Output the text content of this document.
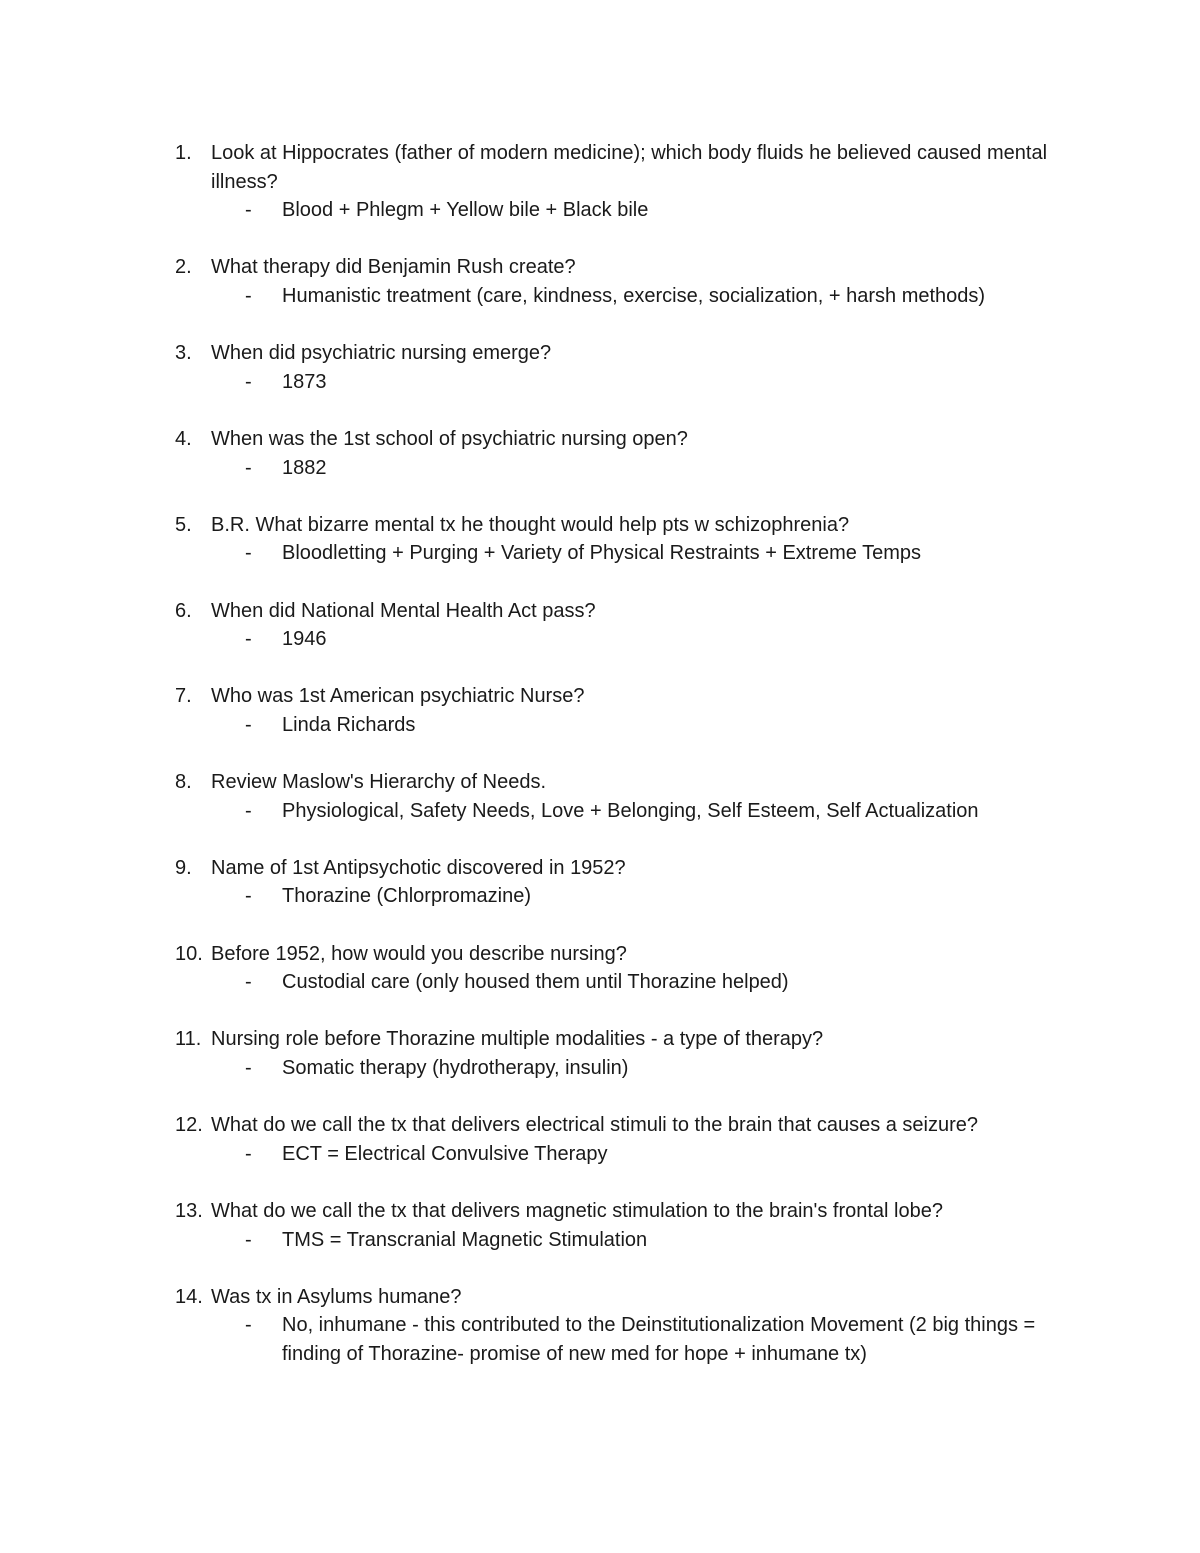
1. Look at Hippocrates (father of modern medicine); which body fluids he believed caused mental illness?
- Blood + Phlegm + Yellow bile + Black bile
2. What therapy did Benjamin Rush create?
- Humanistic treatment (care, kindness, exercise, socialization, + harsh methods)
3. When did psychiatric nursing emerge?
- 1873
4. When was the 1st school of psychiatric nursing open?
- 1882
5. B.R. What bizarre mental tx he thought would help pts w schizophrenia?
- Bloodletting + Purging + Variety of Physical Restraints + Extreme Temps
6. When did National Mental Health Act pass?
- 1946
7. Who was 1st American psychiatric Nurse?
- Linda Richards
8. Review Maslow's Hierarchy of Needs.
- Physiological, Safety Needs, Love + Belonging, Self Esteem, Self Actualization
9. Name of 1st Antipsychotic discovered in 1952?
- Thorazine (Chlorpromazine)
10. Before 1952, how would you describe nursing?
- Custodial care (only housed them until Thorazine helped)
11. Nursing role before Thorazine multiple modalities - a type of therapy?
- Somatic therapy (hydrotherapy, insulin)
12. What do we call the tx that delivers electrical stimuli to the brain that causes a seizure?
- ECT = Electrical Convulsive Therapy
13. What do we call the tx that delivers magnetic stimulation to the brain's frontal lobe?
- TMS = Transcranial Magnetic Stimulation
14. Was tx in Asylums humane?
- No, inhumane - this contributed to the Deinstitutionalization Movement (2 big things = finding of Thorazine- promise of new med for hope + inhumane tx)
